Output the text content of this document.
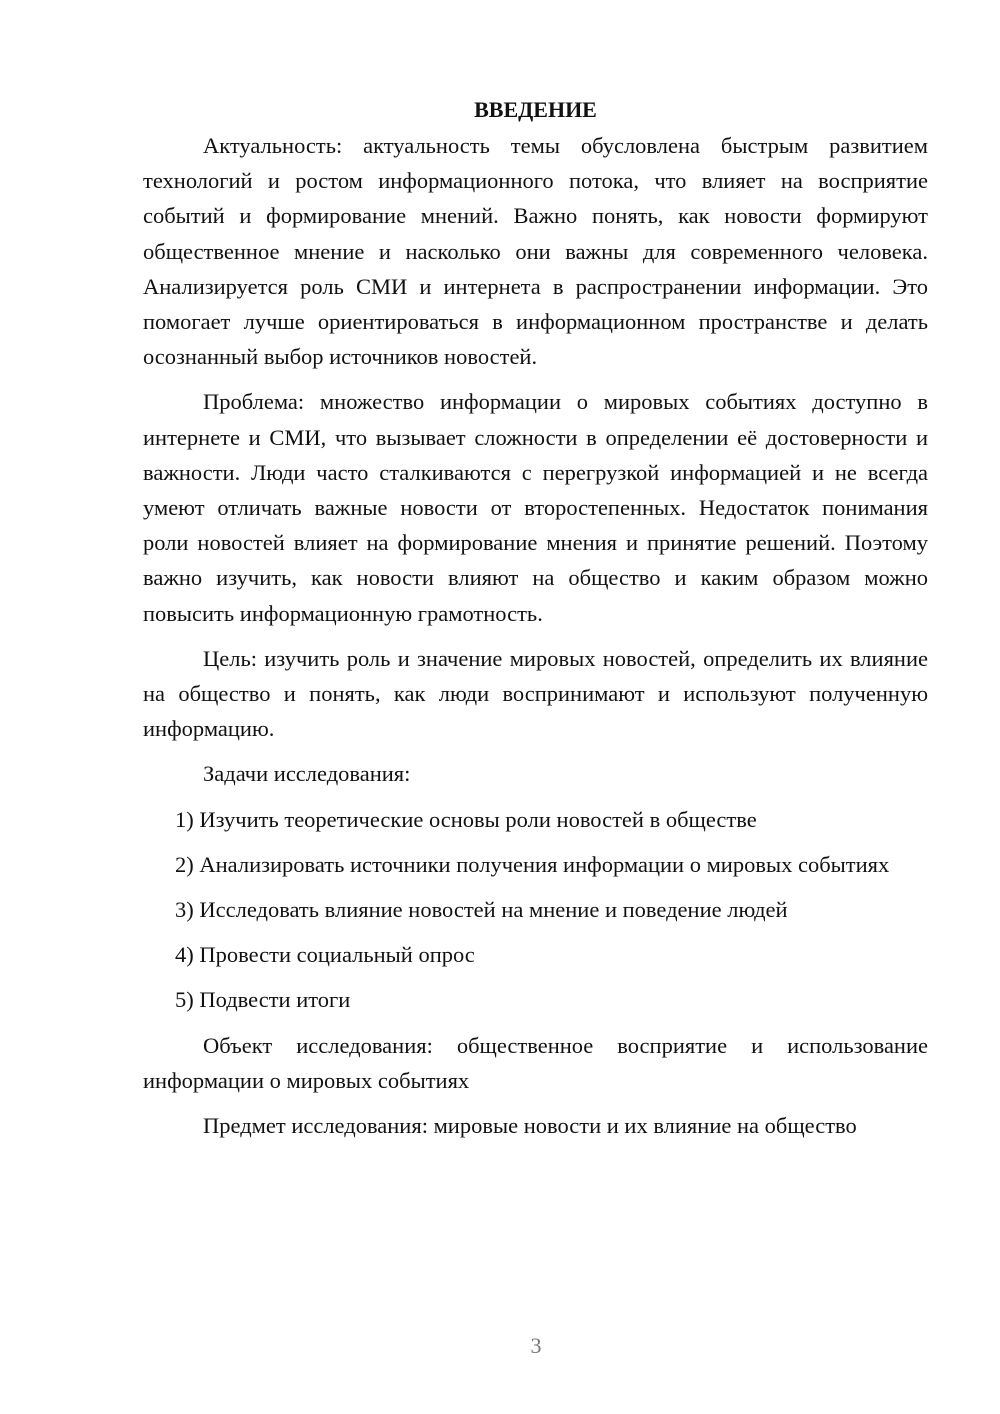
ВВЕДЕНИЕ

Актуальность: актуальность темы обусловлена быстрым развитием технологий и ростом информационного потока, что влияет на восприятие событий и формирование мнений. Важно понять, как новости формируют общественное мнение и насколько они важны для современного человека. Анализируется роль СМИ и интернета в распространении информации. Это помогает лучше ориентироваться в информационном пространстве и делать осознанный выбор источников новостей.

Проблема: множество информации о мировых событиях доступно в интернете и СМИ, что вызывает сложности в определении её достоверности и важности. Люди часто сталкиваются с перегрузкой информацией и не всегда умеют отличать важные новости от второстепенных. Недостаток понимания роли новостей влияет на формирование мнения и принятие решений. Поэтому важно изучить, как новости влияют на общество и каким образом можно повысить информационную грамотность.

Цель: изучить роль и значение мировых новостей, определить их влияние на общество и понять, как люди воспринимают и используют полученную информацию.

Задачи исследования:

1) Изучить теоретические основы роли новостей в обществе

2) Анализировать источники получения информации о мировых событиях

3) Исследовать влияние новостей на мнение и поведение людей

4) Провести социальный опрос

5) Подвести итоги

Объект исследования: общественное восприятие и использование информации о мировых событиях

Предмет исследования: мировые новости и их влияние на общество

3
